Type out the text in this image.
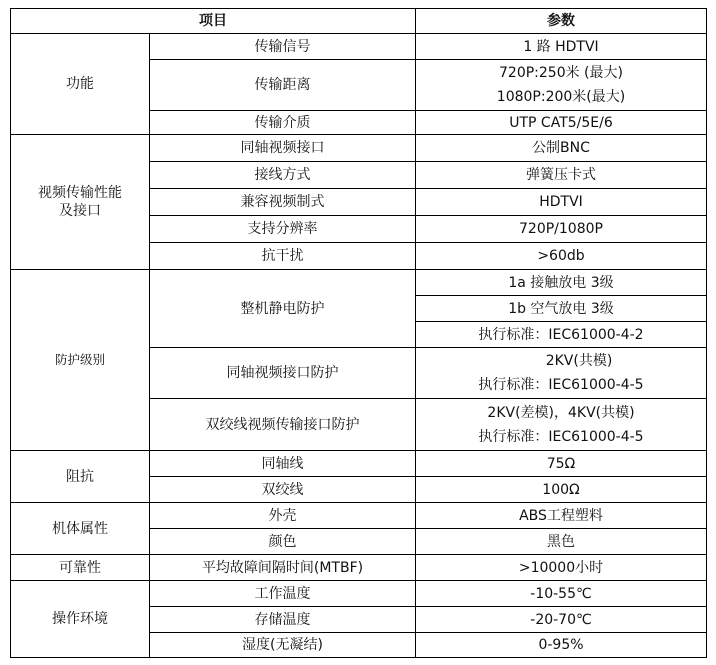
项目	参数
功能
视频传输性能
及接口
防护级别
阻抗
机体属性
可靠性
操作环境
传输信号
传输距离
传输介质
同轴视频接口
接线方式
兼容视频制式
支持分辨率
抗干扰
整机静电防护
同轴视频接口防护
双绞线视频传输接口防护
同轴线
双绞线
外壳
颜色
平均故障间隔时间(MTBF)
工作温度
存储温度
湿度(无凝结)
1 路 HDTVI
720P:250米 (最大)
1080P:200米(最大)
UTP CAT5/5E/6
公制BNC
弹簧压卡式
HDTVI
720P/1080P
>60db
1a 接触放电 3级
1b 空气放电 3级
执行标准：IEC61000-4-2
2KV(共模)
执行标准：IEC61000-4-5
2KV(差模)，4KV(共模)
执行标准：IEC61000-4-5
75Ω
100Ω
ABS工程塑料
黑色
>10000小时
-10-55℃
-20-70℃
0-95%
